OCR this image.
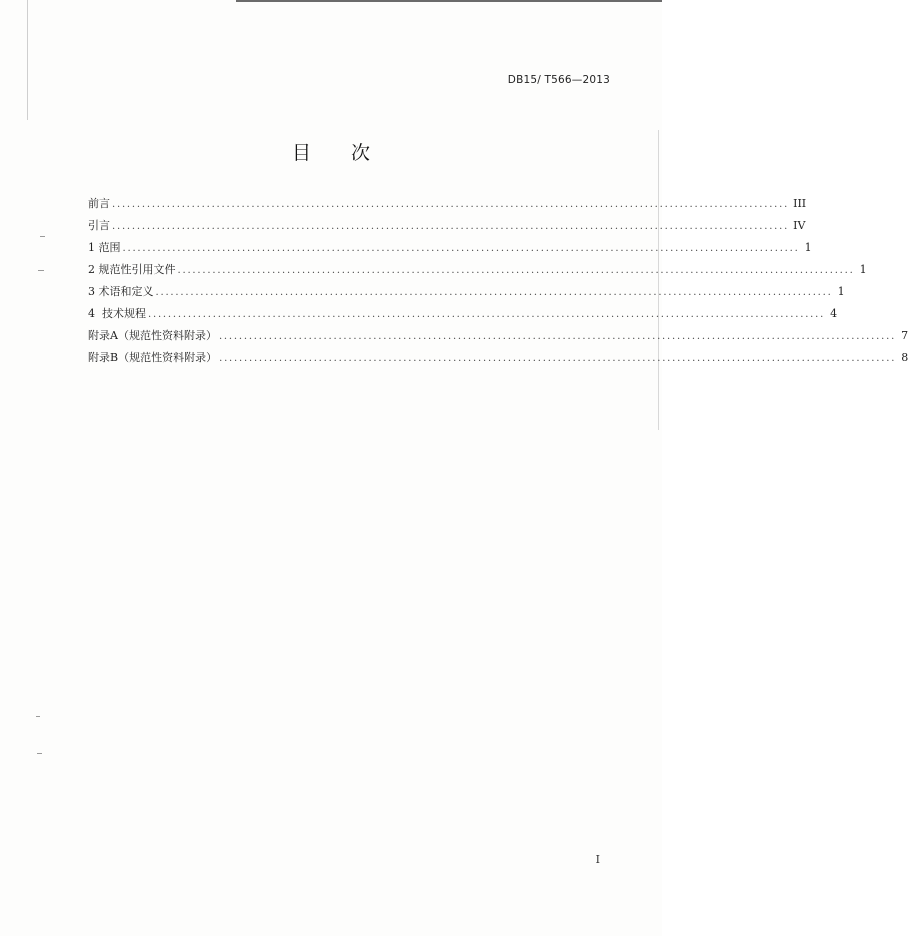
DB15/ T566—2013
目次
前言 ........................................................................................................................................ III
引言 ........................................................................................................................................ IV
1 范围 ........................................................................................................................................ 1
2 规范性引用文件 ........................................................................................................................................ 1
3 术语和定义 ........................................................................................................................................ 1
4  技术规程 ........................................................................................................................................ 4
附录A（规范性资料附录） ........................................................................................................................................ 7
附录B（规范性资料附录） ........................................................................................................................................ 8
I
